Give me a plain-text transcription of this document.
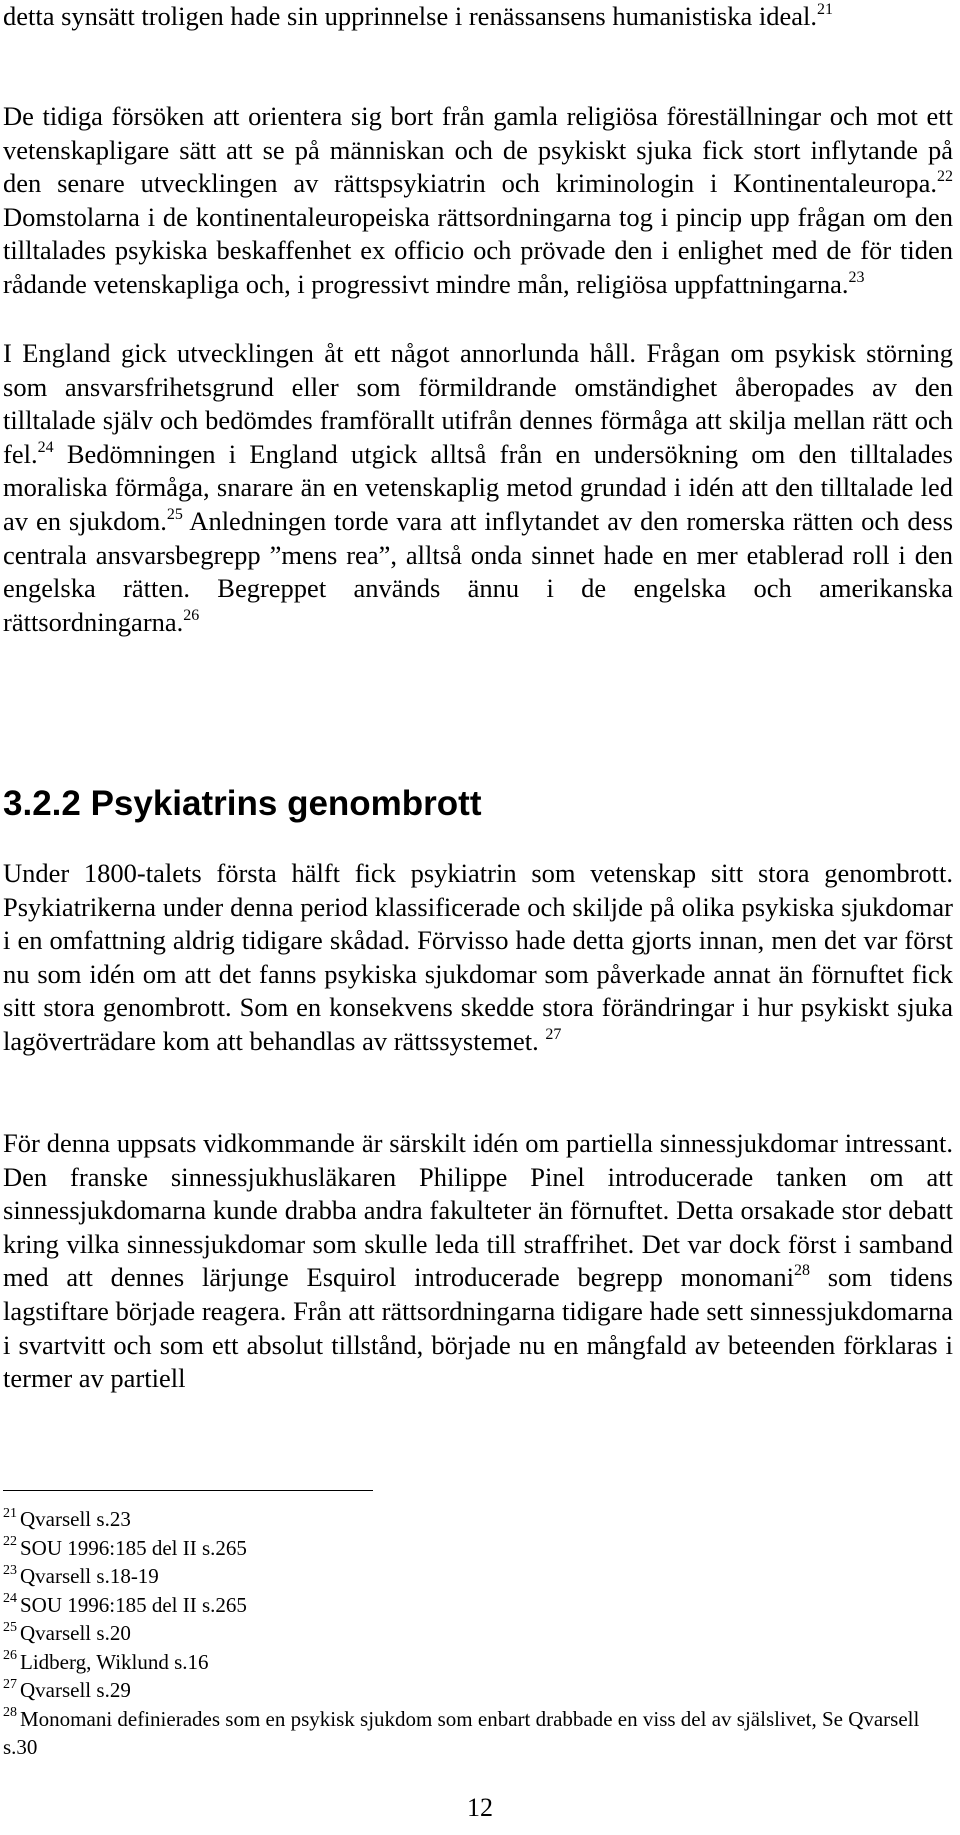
detta synsätt troligen hade sin upprinnelse i renässansens humanistiska ideal.$^{21}$

De tidiga försöken att orientera sig bort från gamla religiösa föreställningar och mot ett vetenskapligare sätt att se på människan och de psykiskt sjuka fick stort inflytande på den senare utvecklingen av rättspsykiatrin och kriminologin i Kontinentaleuropa.$^{22}$ Domstolarna i de kontinentaleuropeiska rättsordningarna tog i pincip upp frågan om den tilltalades psykiska beskaffenhet ex officio och prövade den i enlighet med de för tiden rådande vetenskapliga och, i progressivt mindre mån, religiösa uppfattningarna.$^{23}$

I England gick utvecklingen åt ett något annorlunda håll. Frågan om psykisk störning som ansvarsfrihetsgrund eller som förmildrande omständighet åberopades av den tilltalade själv och bedömdes framförallt utifrån dennes förmåga att skilja mellan rätt och fel.$^{24}$ Bedömningen i England utgick alltså från en undersökning om den tilltalades moraliska förmåga, snarare än en vetenskaplig metod grundad i idén att den tilltalade led av en sjukdom.$^{25}$ Anledningen torde vara att inflytandet av den romerska rätten och dess centrala ansvarsbegrepp ”mens rea”, alltså onda sinnet hade en mer etablerad roll i den engelska rätten. Begreppet används ännu i de engelska och amerikanska rättsordningarna.$^{26}$

3.2.2 Psykiatrins genombrott

Under 1800-talets första hälft fick psykiatrin som vetenskap sitt stora genombrott. Psykiatrikerna under denna period klassificerade och skiljde på olika psykiska sjukdomar i en omfattning aldrig tidigare skådad. Förvisso hade detta gjorts innan, men det var först nu som idén om att det fanns psykiska sjukdomar som påverkade annat än förnuftet fick sitt stora genombrott. Som en konsekvens skedde stora förändringar i hur psykiskt sjuka lagöverträdare kom att behandlas av rättssystemet. $^{27}$

För denna uppsats vidkommande är särskilt idén om partiella sinnessjukdomar intressant. Den franske sinnessjukhusläkaren Philippe Pinel introducerade tanken om att sinnessjukdomarna kunde drabba andra fakulteter än förnuftet. Detta orsakade stor debatt kring vilka sinnessjukdomar som skulle leda till straffrihet. Det var dock först i samband med att dennes lärjunge Esquirol introducerade begrepp monomani$^{28}$ som tidens lagstiftare började reagera. Från att rättsordningarna tidigare hade sett sinnessjukdomarna i svartvitt och som ett absolut tillstånd, började nu en mångfald av beteenden förklaras i termer av partiell

$^{21}$ Qvarsell s.23
$^{22}$ SOU 1996:185 del II s.265
$^{23}$ Qvarsell s.18-19
$^{24}$ SOU 1996:185 del II s.265
$^{25}$ Qvarsell s.20
$^{26}$ Lidberg, Wiklund s.16
$^{27}$ Qvarsell s.29
$^{28}$ Monomani definierades som en psykisk sjukdom som enbart drabbade en viss del av själslivet, Se Qvarsell s.30
12
